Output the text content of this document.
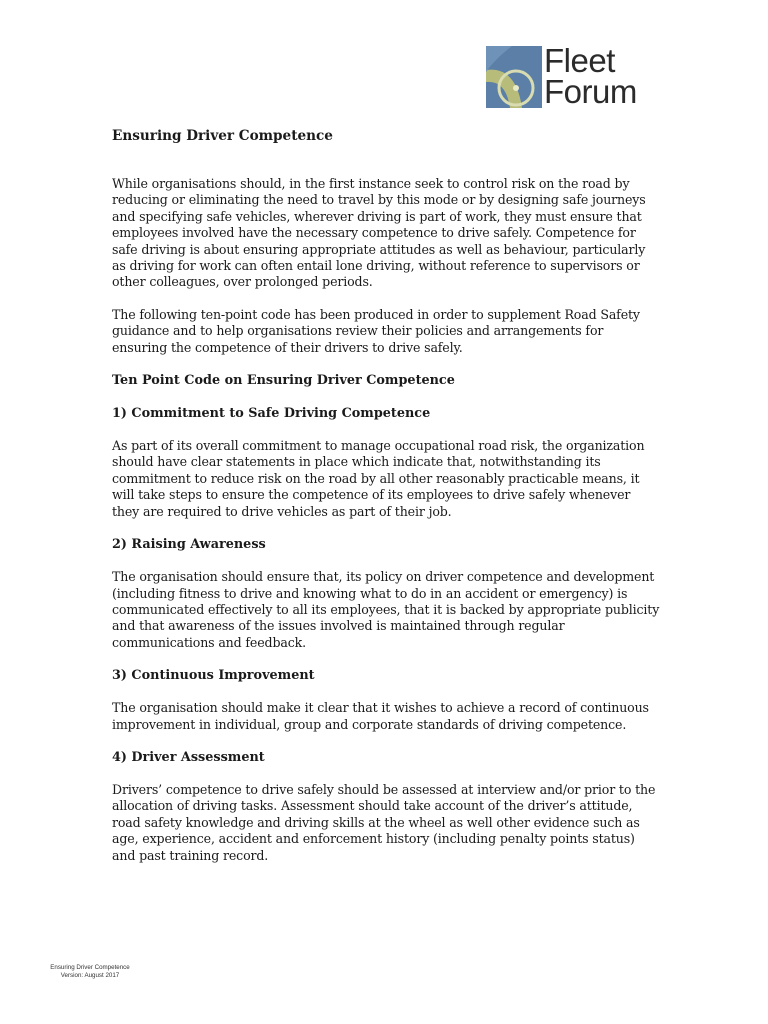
Fleet
Forum
Ensuring Driver Competence

While organisations should, in the first instance seek to control risk on the road by reducing or eliminating the need to travel by this mode or by designing safe journeys and specifying safe vehicles, wherever driving is part of work, they must ensure that employees involved have the necessary competence to drive safely. Competence for safe driving is about ensuring appropriate attitudes as well as behaviour, particularly as driving for work can often entail lone driving, without reference to supervisors or other colleagues, over prolonged periods.

The following ten-point code has been produced in order to supplement Road Safety guidance and to help organisations review their policies and arrangements for ensuring the competence of their drivers to drive safely.

Ten Point Code on Ensuring Driver Competence
1) Commitment to Safe Driving Competence

As part of its overall commitment to manage occupational road risk, the organization should have clear statements in place which indicate that, notwithstanding its commitment to reduce risk on the road by all other reasonably practicable means, it will take steps to ensure the competence of its employees to drive safely whenever they are required to drive vehicles as part of their job.

2) Raising Awareness

The organisation should ensure that, its policy on driver competence and development (including fitness to drive and knowing what to do in an accident or emergency) is communicated effectively to all its employees, that it is backed by appropriate publicity and that awareness of the issues involved is maintained through regular communications and feedback.

3) Continuous Improvement

The organisation should make it clear that it wishes to achieve a record of continuous improvement in individual, group and corporate standards of driving competence.

4) Driver Assessment

Drivers’ competence to drive safely should be assessed at interview and/or prior to the allocation of driving tasks. Assessment should take account of the driver’s attitude, road safety knowledge and driving skills at the wheel as well other evidence such as age, experience, accident and enforcement history (including penalty points status) and past training record.

Ensuring Driver Competence
Version: August 2017
